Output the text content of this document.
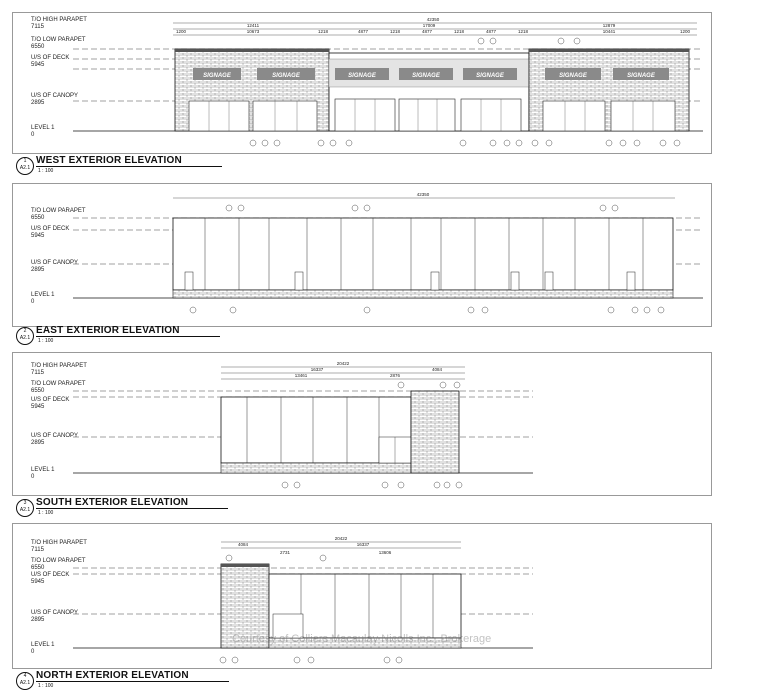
42350
12411	17009	12879
1200	10673	1218	4877	1218	4877	1218	4877	1218	10441	1200
SIGNAGE	SIGNAGE	SIGNAGE	SIGNAGE	SIGNAGE	SIGNAGE	SIGNAGE
T/O HIGH PARAPET
7115
T/O LOW PARAPET
6550
U/S OF DECK
5945
U/S OF CANOPY
2895
LEVEL 1
0
1
A2.1
WEST EXTERIOR ELEVATION
1 : 100
42350
T/O LOW PARAPET
6550
U/S OF DECK
5945
U/S OF CANOPY
2895
LEVEL 1
0
2
A2.1
EAST EXTERIOR ELEVATION
1 : 100
20422
16337	4084
13461	2876
T/O HIGH PARAPET
7115
T/O LOW PARAPET
6550
U/S OF DECK
5945
U/S OF CANOPY
2895
LEVEL 1
0
3
A2.1
SOUTH EXTERIOR ELEVATION
1 : 100
20422
4084	16337
2731	13606
T/O HIGH PARAPET
7115
T/O LOW PARAPET
6550
U/S OF DECK
5945
U/S OF CANOPY
2895
LEVEL 1
0
4
A2.1
NORTH EXTERIOR ELEVATION
1 : 100
Courtesy of Colliers Macaulay Nicolls Inc., Brokerage
